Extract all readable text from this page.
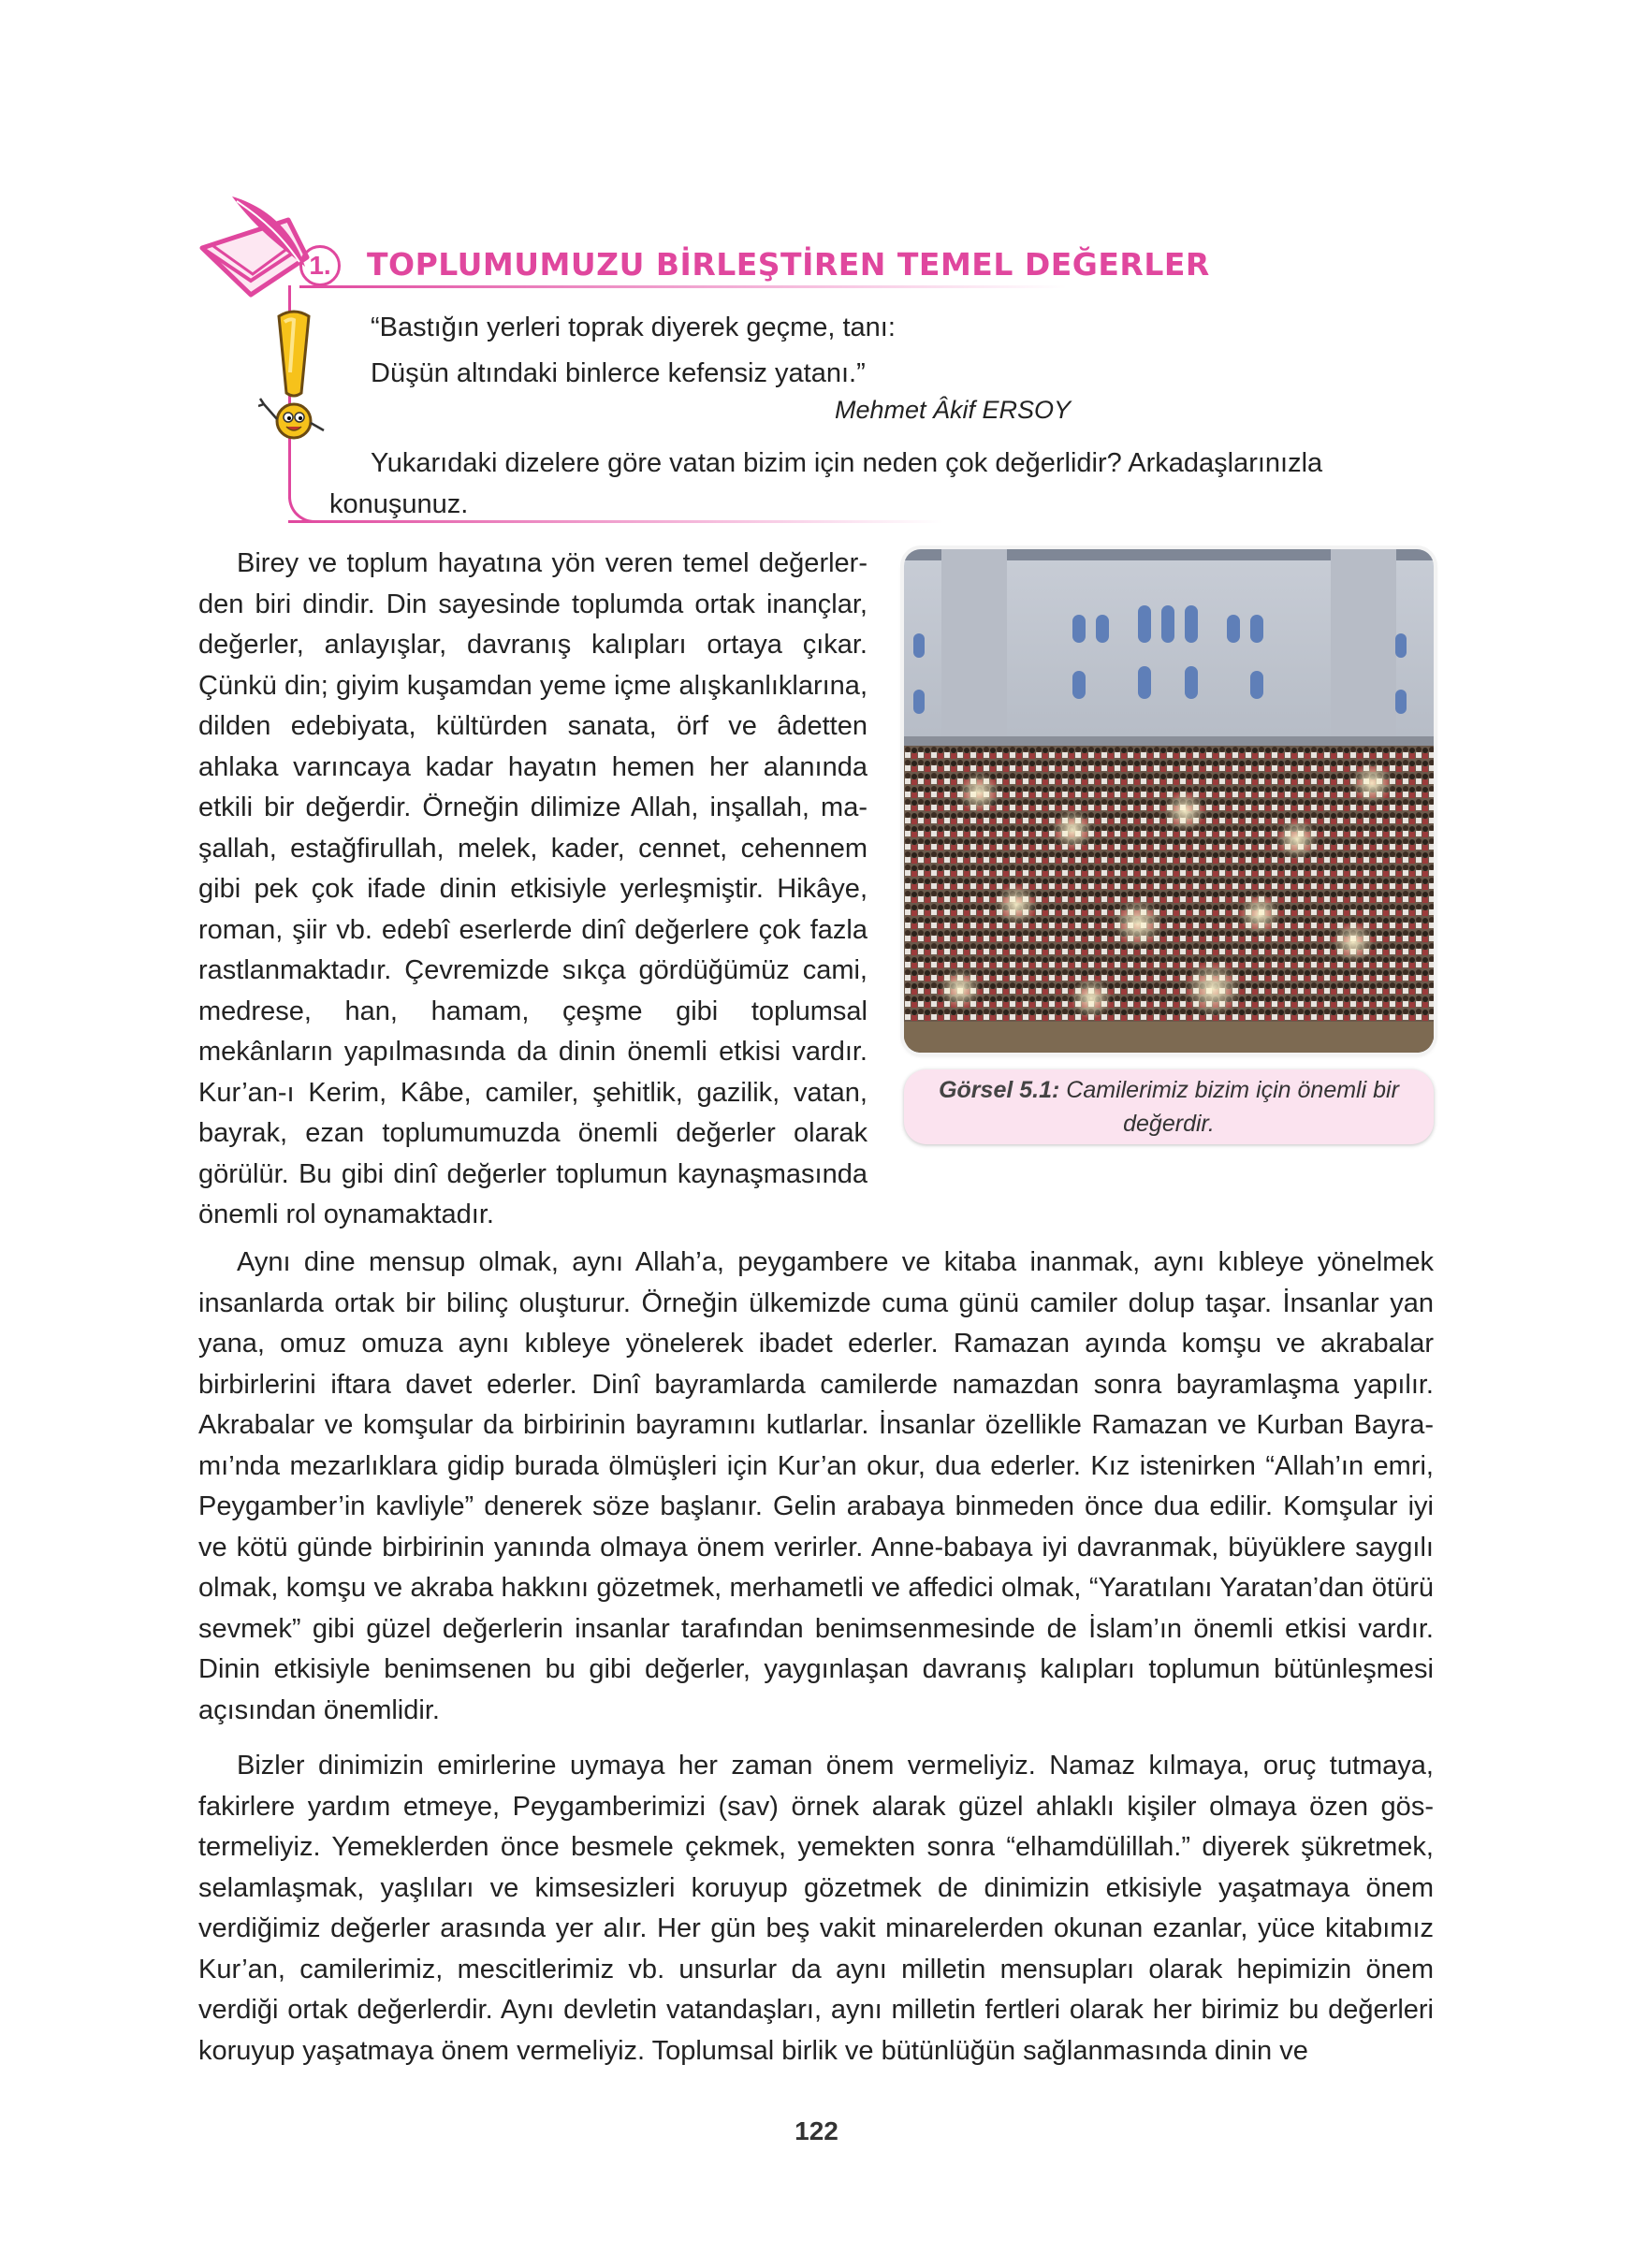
1.	TOPLUMUMUZU BİRLEŞTİREN TEMEL DEĞERLER
“Bastığın yerleri toprak diyerek geçme, tanı:
Düşün altındaki binlerce kefensiz yatanı.”
Mehmet Âkif ERSOY
Yukarıdaki dizelere göre vatan bizim için neden çok değerlidir? Arkadaşlarınızla
konuşunuz.

Birey ve toplum hayatına yön veren temel değerlerden biri dindir. Din sayesinde toplumda ortak inançlar, değerler, anlayışlar, davranış kalıpları ortaya çıkar. Çünkü din; giyim kuşamdan yeme içme alışkanlıklarına, dilden edebiyata, kültürden sanata, örf ve âdetten ahlaka varıncaya kadar hayatın hemen her alanında etkili bir değerdir. Örneğin dilimize Allah, inşallah, maşallah, estağfirullah, melek, kader, cennet, cehennem gibi pek çok ifade dinin etkisiyle yerleşmiştir. Hikâye, roman, şiir vb. edebî eserlerde dinî değerlere çok fazla rastlanmaktadır. Çevremizde sıkça gördüğümüz cami, medrese, han, hamam, çeşme gibi toplumsal mekânların yapılmasında da dinin önemli etkisi vardır. Kur’an-ı Kerim, Kâbe, camiler, şehitlik, gazilik, vatan, bayrak, ezan toplumumuzda önemli değerler olarak görülür. Bu gibi dinî değerler toplumun kaynaşmasında önemli rol oynamaktadır.

Görsel 5.1: Camilerimiz bizim için önemli bir değerdir.

Aynı dine mensup olmak, aynı Allah’a, peygambere ve kitaba inanmak, aynı kıbleye yönelmek insanlarda ortak bir bilinç oluşturur. Örneğin ülkemizde cuma günü camiler dolup taşar. İnsanlar yan yana, omuz omuza aynı kıbleye yönelerek ibadet ederler. Ramazan ayında komşu ve akrabalar birbirlerini iftara davet ederler. Dinî bayramlarda camilerde namazdan sonra bayramlaşma yapılır. Akrabalar ve komşular da birbirinin bayramını kutlarlar. İnsanlar özellikle Ramazan ve Kurban Bayramı’nda mezarlıklara gidip burada ölmüşleri için Kur’an okur, dua ederler. Kız istenirken “Allah’ın emri, Peygamber’in kavliyle” denerek söze başlanır. Gelin arabaya binmeden önce dua edilir. Komşular iyi ve kötü günde birbirinin yanında olmaya önem verirler. Anne-babaya iyi davranmak, büyüklere saygılı olmak, komşu ve akraba hakkını gözetmek, merhametli ve affedici olmak, “Yaratılanı Yaratan’dan ötürü sevmek” gibi güzel değerlerin insanlar tarafından benimsenmesinde de İslam’ın önemli etkisi vardır. Dinin etkisiyle benimsenen bu gibi değerler, yaygınlaşan davranış kalıpları toplumun bütünleşmesi açısından önemlidir.

Bizler dinimizin emirlerine uymaya her zaman önem vermeliyiz. Namaz kılmaya, oruç tutmaya, fakirlere yardım etmeye, Peygamberimizi (sav) örnek alarak güzel ahlaklı kişiler olmaya özen göstermeliyiz. Yemeklerden önce besmele çekmek, yemekten sonra “elhamdülillah.” diyerek şükretmek, selamlaşmak, yaşlıları ve kimsesizleri koruyup gözetmek de dinimizin etkisiyle yaşatmaya önem verdiğimiz değerler arasında yer alır. Her gün beş vakit minarelerden okunan ezanlar, yüce kitabımız Kur’an, camilerimiz, mescitlerimiz vb. unsurlar da aynı milletin mensupları olarak hepimizin önem verdiği ortak değerlerdir. Aynı devletin vatandaşları, aynı milletin fertleri olarak her birimiz bu değerleri koruyup yaşatmaya önem vermeliyiz. Toplumsal birlik ve bütünlüğün sağlanmasında dinin ve

122
